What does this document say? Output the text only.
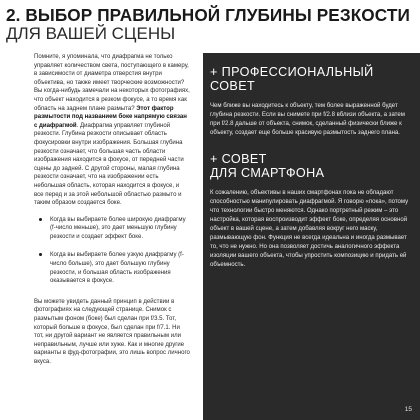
2. ВЫБОР ПРАВИЛЬНОЙ ГЛУБИНЫ РЕЗКОСТИ
ДЛЯ ВАШЕЙ СЦЕНЫ

Помните, я упоминала, что диафрагма не только управляет количеством света, поступающего в камеру, в зависимости от диаметра отверстия внутри объектива, но также имеет творческие возможности? Вы когда-нибудь замечали на некоторых фотографиях, что объект находится в резком фокусе, а то время как область на заднем плане размыта? Этот фактор размытости под названием боке напрямую связан с диафрагмой. Диафрагма управляет глубиной резкости. Глубина резкости описывает область фокусировки внутри изображения. Большая глубина резкости означает, что большая часть области изображения находится в фокусе, от передней части сцены до задней. С другой стороны, малая глубина резкости означает, что на изображении есть небольшая область, которая находится в фокусе, и все перед и за этой небольшой областью размыто и таким образом создается боке.

Когда вы выбираете более широкую диафрагму (f-число меньше), это дает меньшую глубину резкости и создает эффект боке.
Когда вы выбираете более узкую диафрагму (f-число больше), это дает большую глубину резкости, и большая область изображения оказывается в фокусе.

Вы можете увидеть данный принцип в действии в фотографиях на следующей странице. Снимок с размытым фоном (боке) был сделан при f/3.5. Тот, который больше в фокусе, был сделан при f/7.1. Ни тот, ни другой вариант не является правильным или неправильным, лучше или хуже. Как и многие другие варианты в фуд-фотографии, это лишь вопрос личного вкуса.

+ ПРОФЕССИОНАЛЬНЫЙ
СОВЕТ
Чем ближе вы находитесь к объекту, тем более выраженной будет глубина резкости. Если вы снимете при f/2.8 вблизи объекта, а затем при f/2.8 дальше от объекта, снимок, сделанный физически ближе к объекту, создает еще больше красивую размытость заднего плана.
+ СОВЕТ
ДЛЯ СМАРТФОНА
К сожалению, объективы в наших смартфонах пока не обладают способностью манипулировать диафрагмой. Я говорю «пока», потому что технологии быстро меняются. Однако портретный режим – это настройка, которая воспроизводит эффект боке, определяя основной объект в вашей сцене, а затем добавляя вокруг него маску, размывающую фон. Функция не всегда идеальна и иногда размывает то, что не нужно. Но она позволяет достичь аналогичного эффекта изоляции вашего объекта, чтобы упростить композицию и придать ей объемность.
15
